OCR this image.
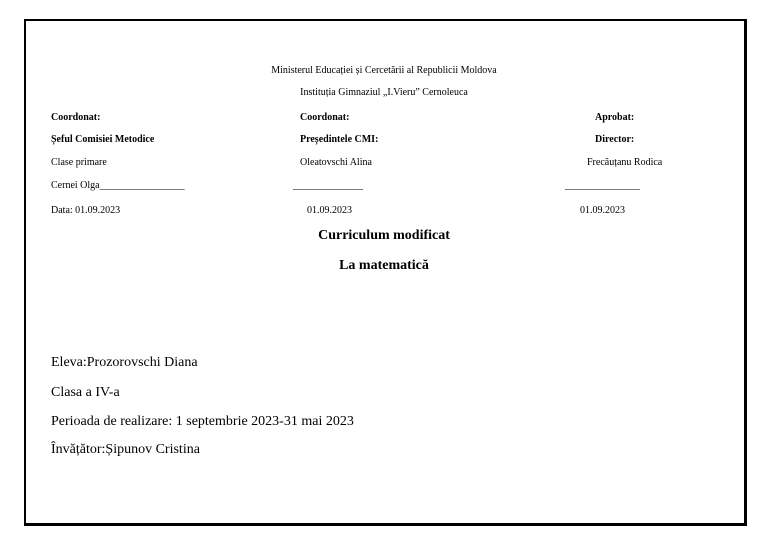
Ministerul Educației și Cercetării al Republicii Moldova
Instituția Gimnaziul „I.Vieru” Cernoleuca
Coordonat:
Șeful Comisiei Metodice
Clase primare
Cernei Olga_________________
Data: 01.09.2023
Coordonat:
Președintele CMI:
Oleatovschi Alina
______________
01.09.2023
Aprobat:
Director:
Frecăuțanu Rodica
_______________
01.09.2023
Curriculum modificat
La matematică
Eleva:Prozorovschi Diana
Clasa a IV-a
Perioada de realizare: 1 septembrie 2023-31 mai 2023
Învățător:Șipunov Cristina
